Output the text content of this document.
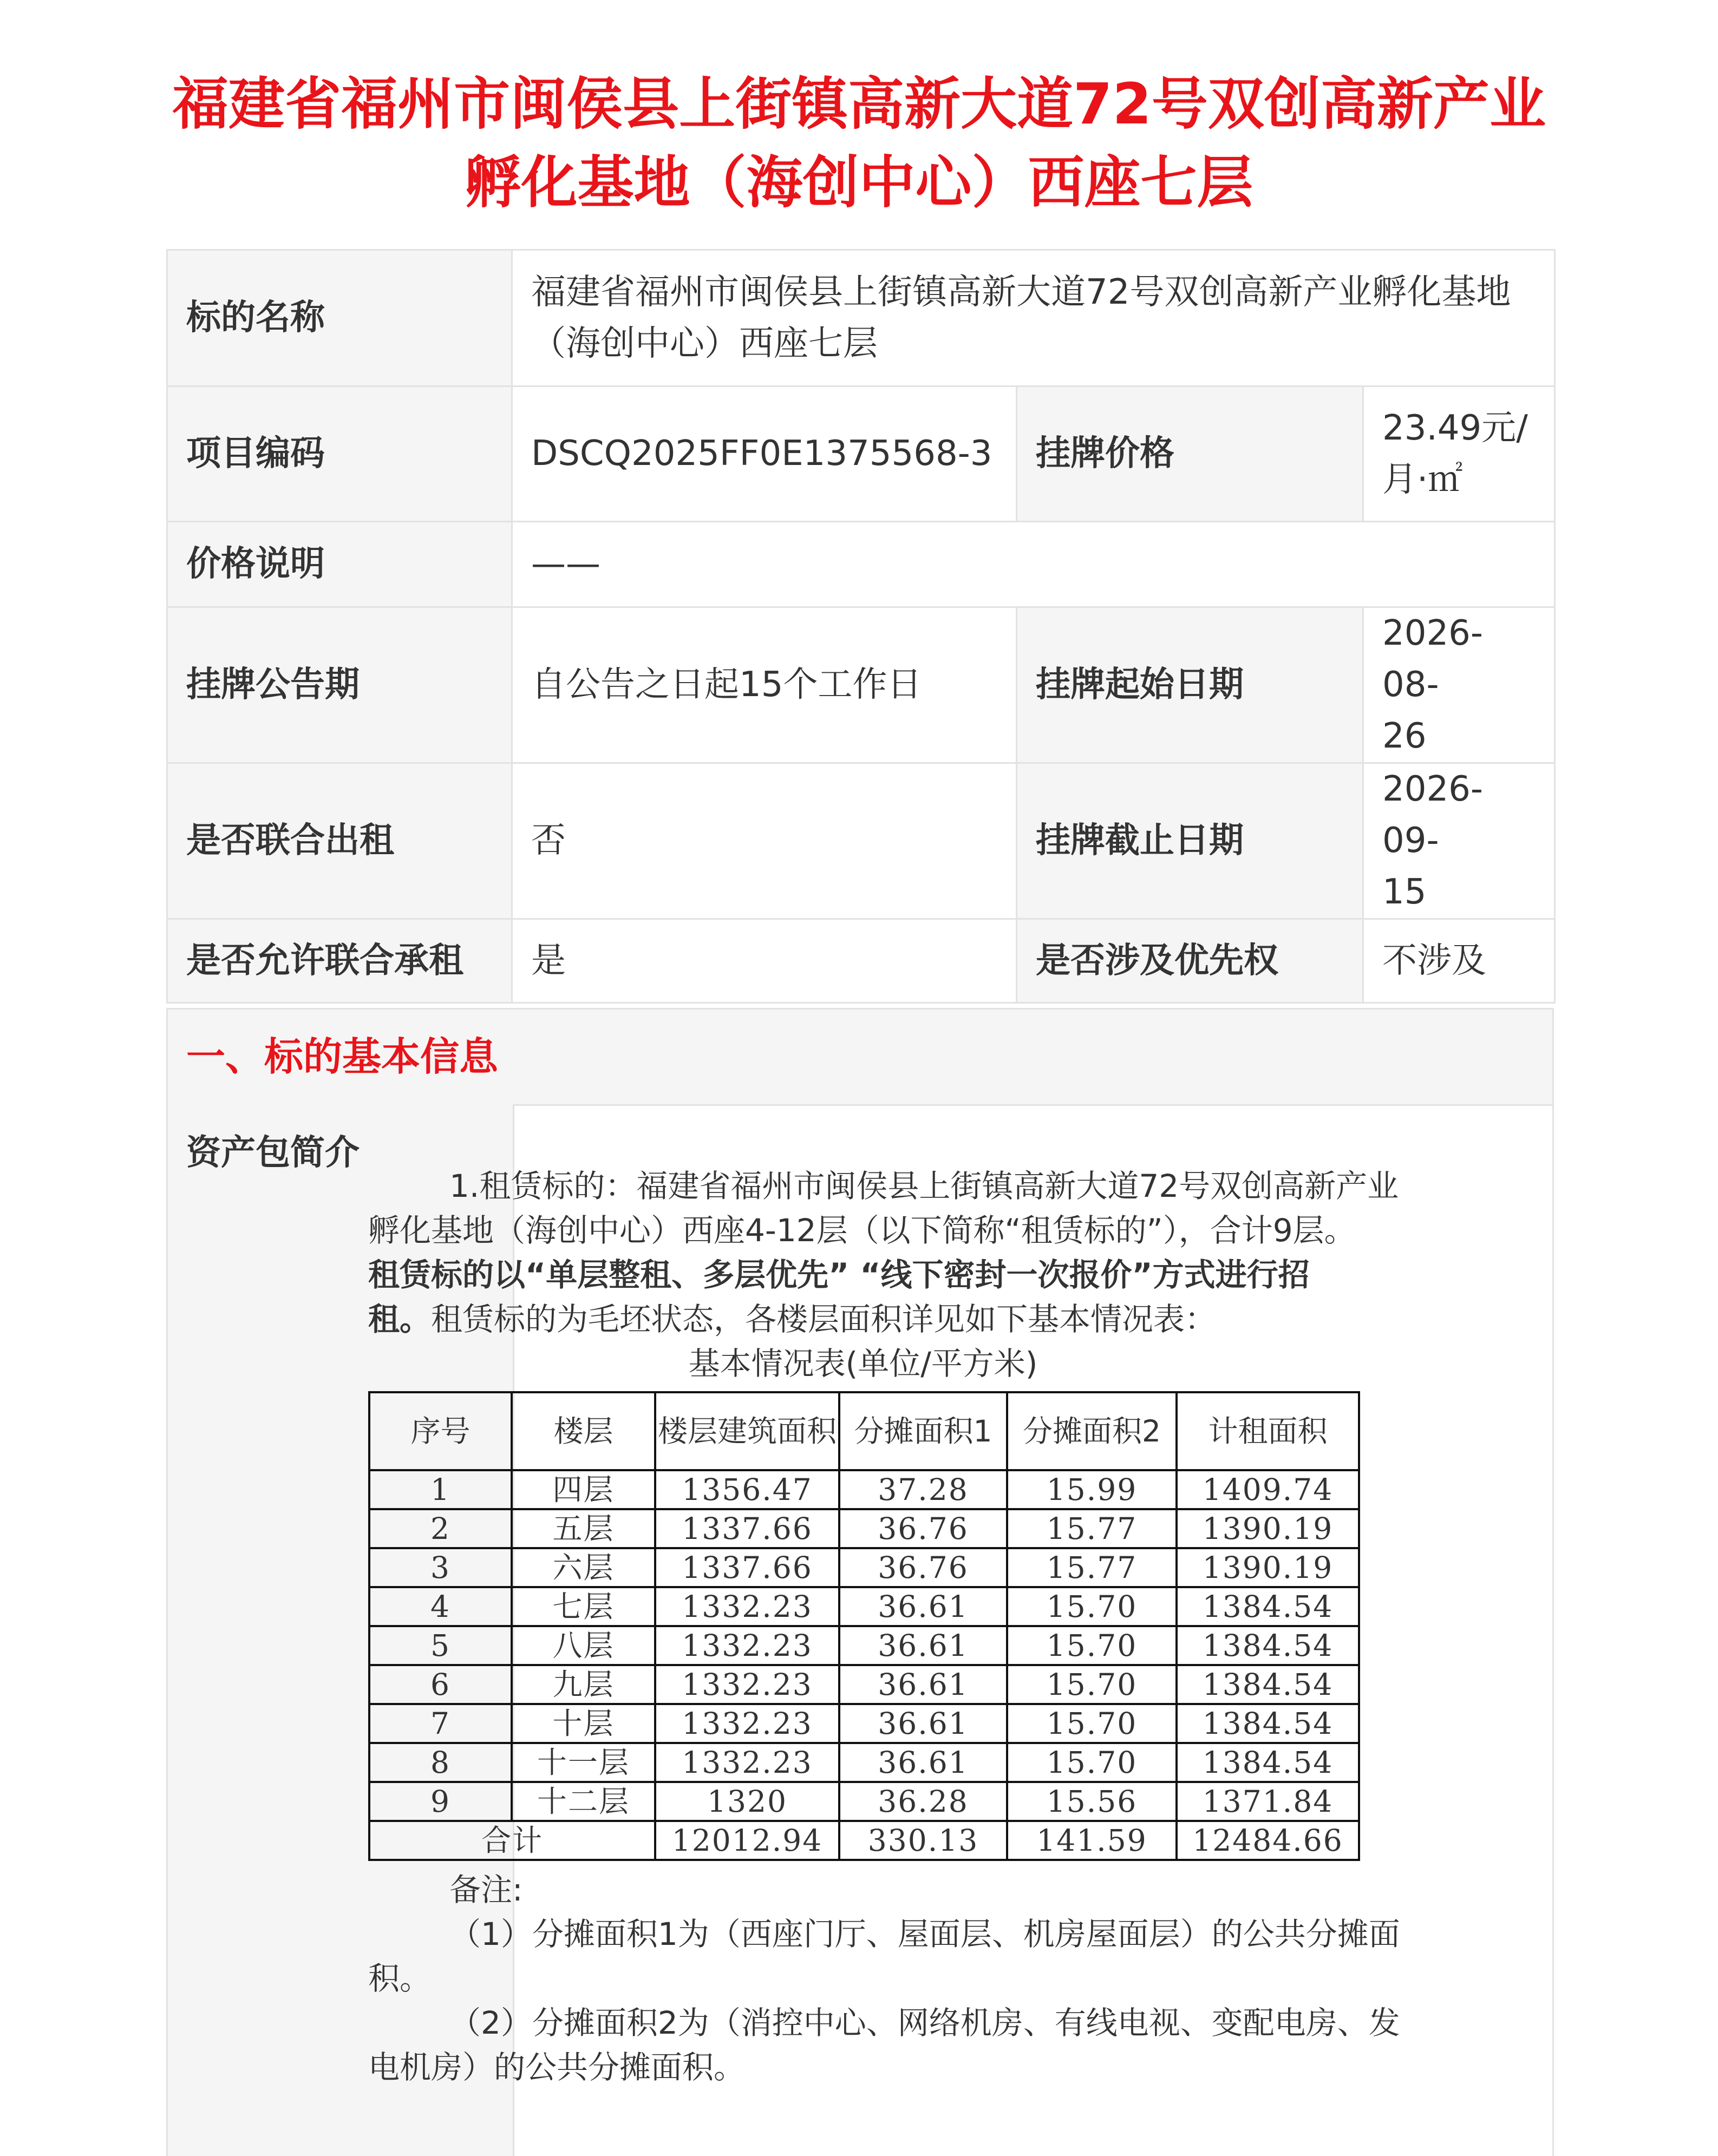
福建省福州市闽侯县上街镇高新大道72号双创高新产业
孵化基地（海创中心）西座七层
标的名称	福建省福州市闽侯县上街镇高新大道72号双创高新产业孵化基地
（海创中心）西座七层		

项目编码	DSCQ2025FF0E1375568-3	挂牌价格	23.49元/
月·㎡

价格说明	——		
挂牌公告期	自公告之日起15个工作日	挂牌起始日期	2026-08-
26

是否联合出租	否	挂牌截止日期	2026-09-
15

是否允许联合承租	是	是否涉及优先权	不涉及
一、标的基本信息
资产包简介

1.租赁标的：福建省福州市闽侯县上街镇高新大道72号双创高新产业

孵化基地（海创中心）西座4-12层（以下简称“租赁标的”），合计9层。

租赁标的以“单层整租、多层优先” “线下密封一次报价”方式进行招

租。租赁标的为毛坯状态，各楼层面积详见如下基本情况表：

基本情况表(单位/平方米)
序号	楼层	楼层建筑面积	分摊面积1	分摊面积2	计租面积
1	四层	1356.47	37.28	15.99	1409.74
2	五层	1337.66	36.76	15.77	1390.19
3	六层	1337.66	36.76	15.77	1390.19
4	七层	1332.23	36.61	15.70	1384.54
5	八层	1332.23	36.61	15.70	1384.54
6	九层	1332.23	36.61	15.70	1384.54
7	十层	1332.23	36.61	15.70	1384.54
8	十一层	1332.23	36.61	15.70	1384.54
9	十二层	1320	36.28	15.56	1371.84
合计		12012.94	330.13	141.59	12484.66

备注:

（1）分摊面积1为（西座门厅、屋面层、机房屋面层）的公共分摊面

积。

（2）分摊面积2为（消控中心、网络机房、有线电视、变配电房、发

电机房）的公共分摊面积。
